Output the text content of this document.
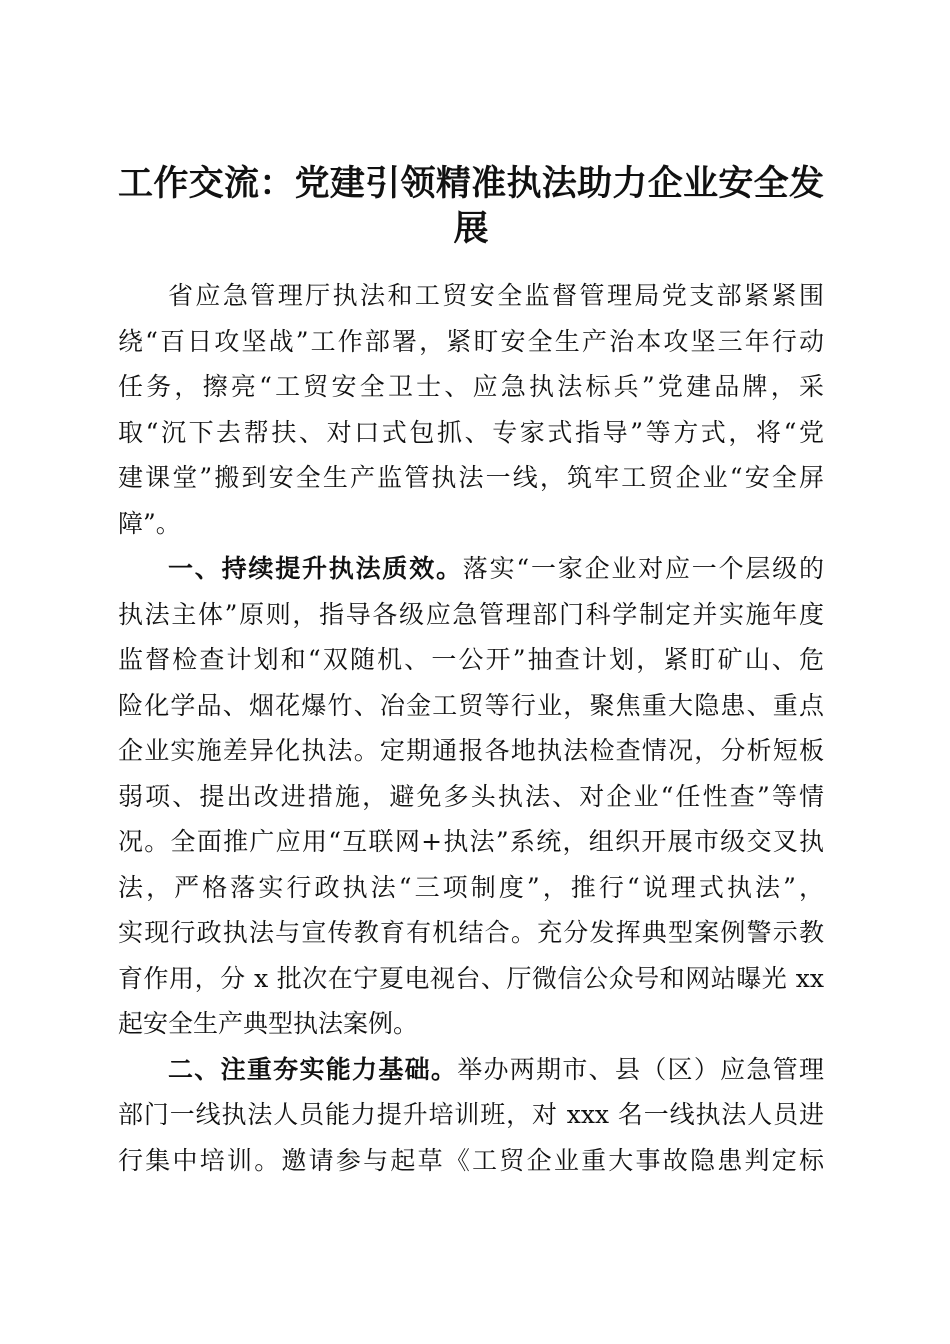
工作交流：党建引领精准执法助力企业安全发
展
省应急管理厅执法和工贸安全监督管理局党支部紧紧围
绕“百日攻坚战”工作部署，紧盯安全生产治本攻坚三年行动
任务，擦亮“工贸安全卫士、应急执法标兵”党建品牌，采
取“沉下去帮扶、对口式包抓、专家式指导”等方式，将“党
建课堂”搬到安全生产监管执法一线，筑牢工贸企业“安全屏
障”。
一、持续提升执法质效。落实“一家企业对应一个层级的
执法主体”原则，指导各级应急管理部门科学制定并实施年度
监督检查计划和“双随机、一公开”抽查计划，紧盯矿山、危
险化学品、烟花爆竹、冶金工贸等行业，聚焦重大隐患、重点
企业实施差异化执法。定期通报各地执法检查情况，分析短板
弱项、提出改进措施，避免多头执法、对企业“任性查”等情
况。全面推广应用“互联网+执法”系统，组织开展市级交叉执
法，严格落实行政执法“三项制度”，推行“说理式执法”，
实现行政执法与宣传教育有机结合。充分发挥典型案例警示教
育作用，分 x 批次在宁夏电视台、厅微信公众号和网站曝光 xx
起安全生产典型执法案例。
二、注重夯实能力基础。举办两期市、县（区）应急管理
部门一线执法人员能力提升培训班，对 xxx 名一线执法人员进
行集中培训。邀请参与起草《工贸企业重大事故隐患判定标
